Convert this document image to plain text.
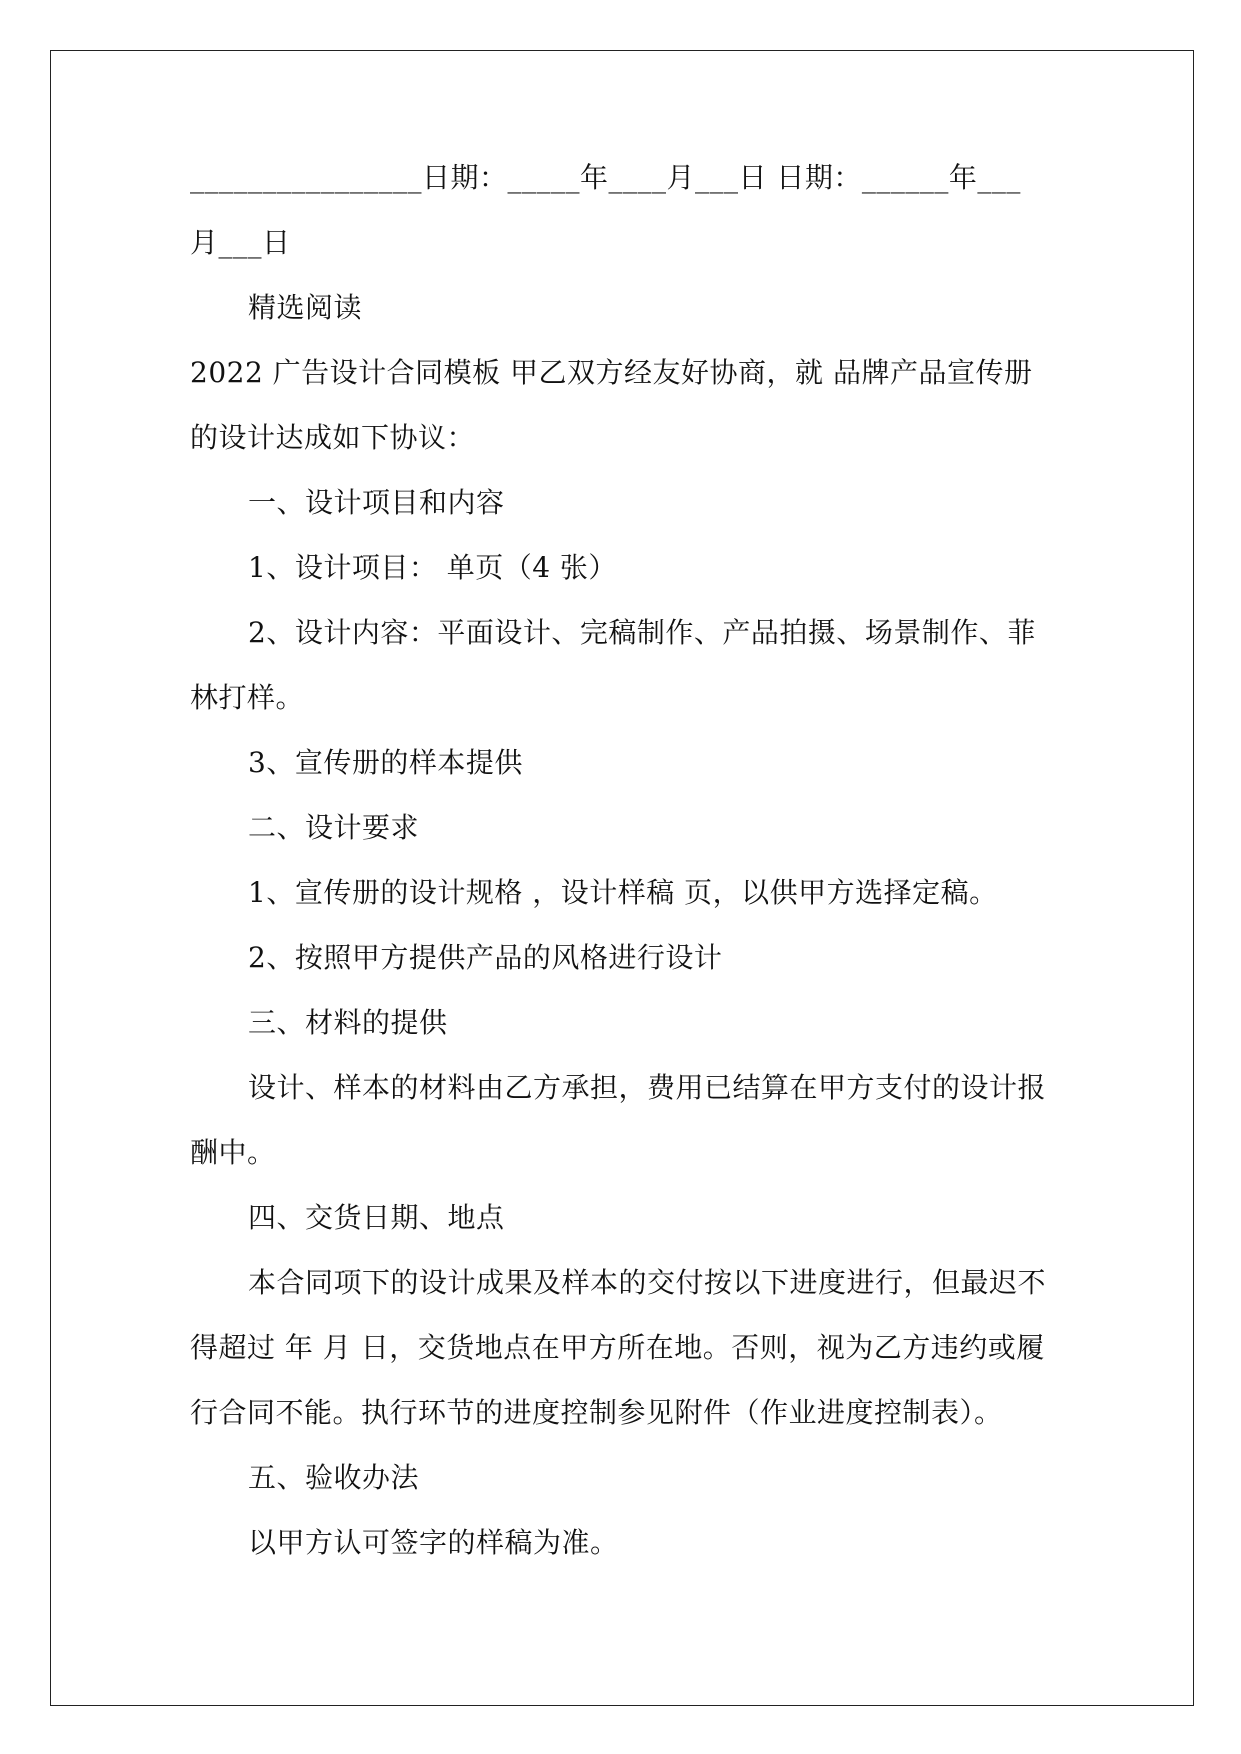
________________日期：_____年____月___日 日期：______年___
月___日
精选阅读
2022 广告设计合同模板 甲乙双方经友好协商，就 品牌产品宣传册
的设计达成如下协议：
一、设计项目和内容
1、设计项目： 单页（4 张）
2、设计内容：平面设计、完稿制作、产品拍摄、场景制作、菲
林打样。
3、宣传册的样本提供
二、设计要求
1、宣传册的设计规格 ，设计样稿 页，以供甲方选择定稿。
2、按照甲方提供产品的风格进行设计
三、材料的提供
设计、样本的材料由乙方承担，费用已结算在甲方支付的设计报
酬中。
四、交货日期、地点
本合同项下的设计成果及样本的交付按以下进度进行，但最迟不
得超过 年 月 日，交货地点在甲方所在地。否则，视为乙方违约或履
行合同不能。执行环节的进度控制参见附件（作业进度控制表）。
五、验收办法
以甲方认可签字的样稿为准。
